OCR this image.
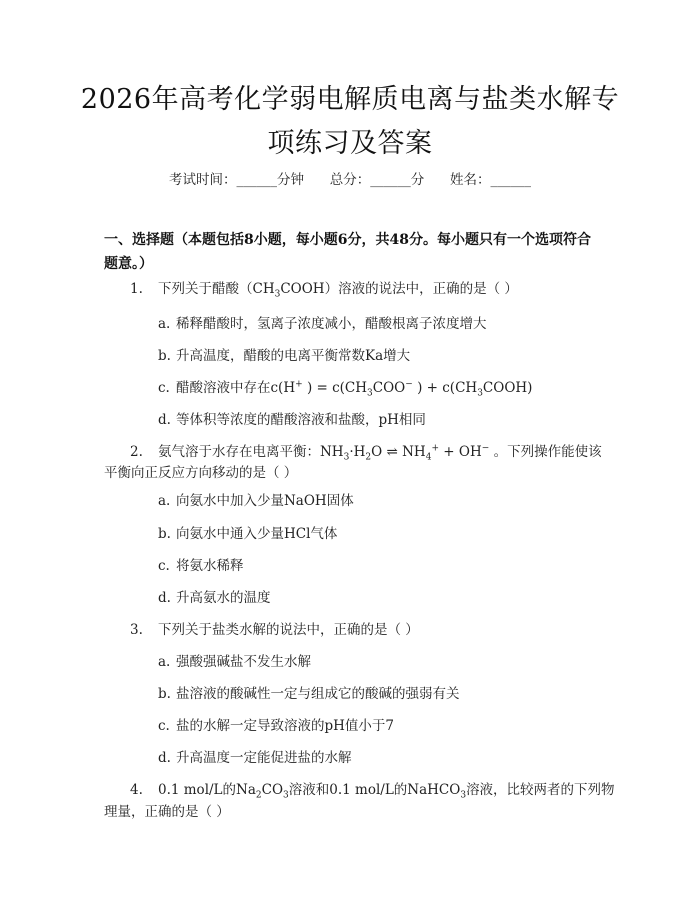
2026年高考化学弱电解质电离与盐类水解专
项练习及答案
考试时间：______分钟 总分：______分 姓名：______
一、选择题（本题包括8小题，每小题6分，共48分。每小题只有一个选项符合
题意。）
1. 下列关于醋酸$(CH_3COOH)$溶液的说法中，正确的是（ ）
a. 稀释醋酸时，氢离子浓度减小，醋酸根离子浓度增大
b. 升高温度，醋酸的电离平衡常数Ka增大
c. 醋酸溶液中存在c(H+ ) = $c(CH_3COO^-$ ) + $c(CH_3COOH)$
d. 等体积等浓度的醋酸溶液和盐酸，pH相同
2. 氨气溶于水存在电离平衡：$NH_3\cdot H_2O$ ⇌ $NH_4^+ + OH^-$ 。下列操作能使该
平衡向正反应方向移动的是（ ）
a. 向氨水中加入少量NaOH固体
b. 向氨水中通入少量HCl气体
c. 将氨水稀释
d. 升高氨水的温度
3. 下列关于盐类水解的说法中，正确的是（ ）
a. 强酸强碱盐不发生水解
b. 盐溶液的酸碱性一定与组成它的酸碱的强弱有关
c. 盐的水解一定导致溶液的pH值小于7
d. 升高温度一定能促进盐的水解
4. 0.1 mol/L的$Na_2CO_3$溶液和0.1 mol/L的NaHCO$_3$溶液，比较两者的下列物
理量，正确的是（ ）
